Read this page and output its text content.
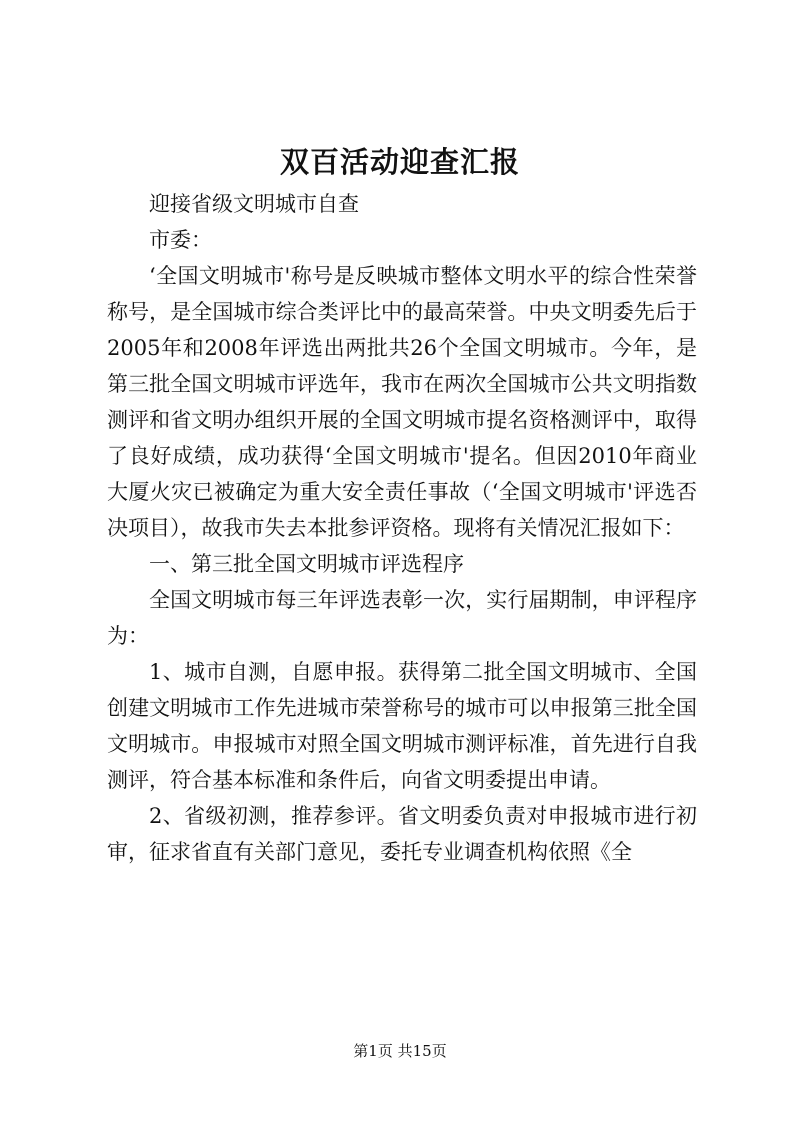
双百活动迎查汇报

迎接省级文明城市自查

市委：

‘全国文明城市'称号是反映城市整体文明水平的综合性荣誉称号，是全国城市综合类评比中的最高荣誉。中央文明委先后于2005年和2008年评选出两批共26个全国文明城市。今年，是第三批全国文明城市评选年，我市在两次全国城市公共文明指数测评和省文明办组织开展的全国文明城市提名资格测评中，取得了良好成绩，成功获得‘全国文明城市'提名。但因2010年商业大厦火灾已被确定为重大安全责任事故（‘全国文明城市'评选否决项目），故我市失去本批参评资格。现将有关情况汇报如下：

一、第三批全国文明城市评选程序

全国文明城市每三年评选表彰一次，实行届期制，申评程序为：

1、城市自测，自愿申报。获得第二批全国文明城市、全国创建文明城市工作先进城市荣誉称号的城市可以申报第三批全国文明城市。申报城市对照全国文明城市测评标准，首先进行自我测评，符合基本标准和条件后，向省文明委提出申请。

2、省级初测，推荐参评。省文明委负责对申报城市进行初审，征求省直有关部门意见，委托专业调查机构依照《全

第1页 共15页
